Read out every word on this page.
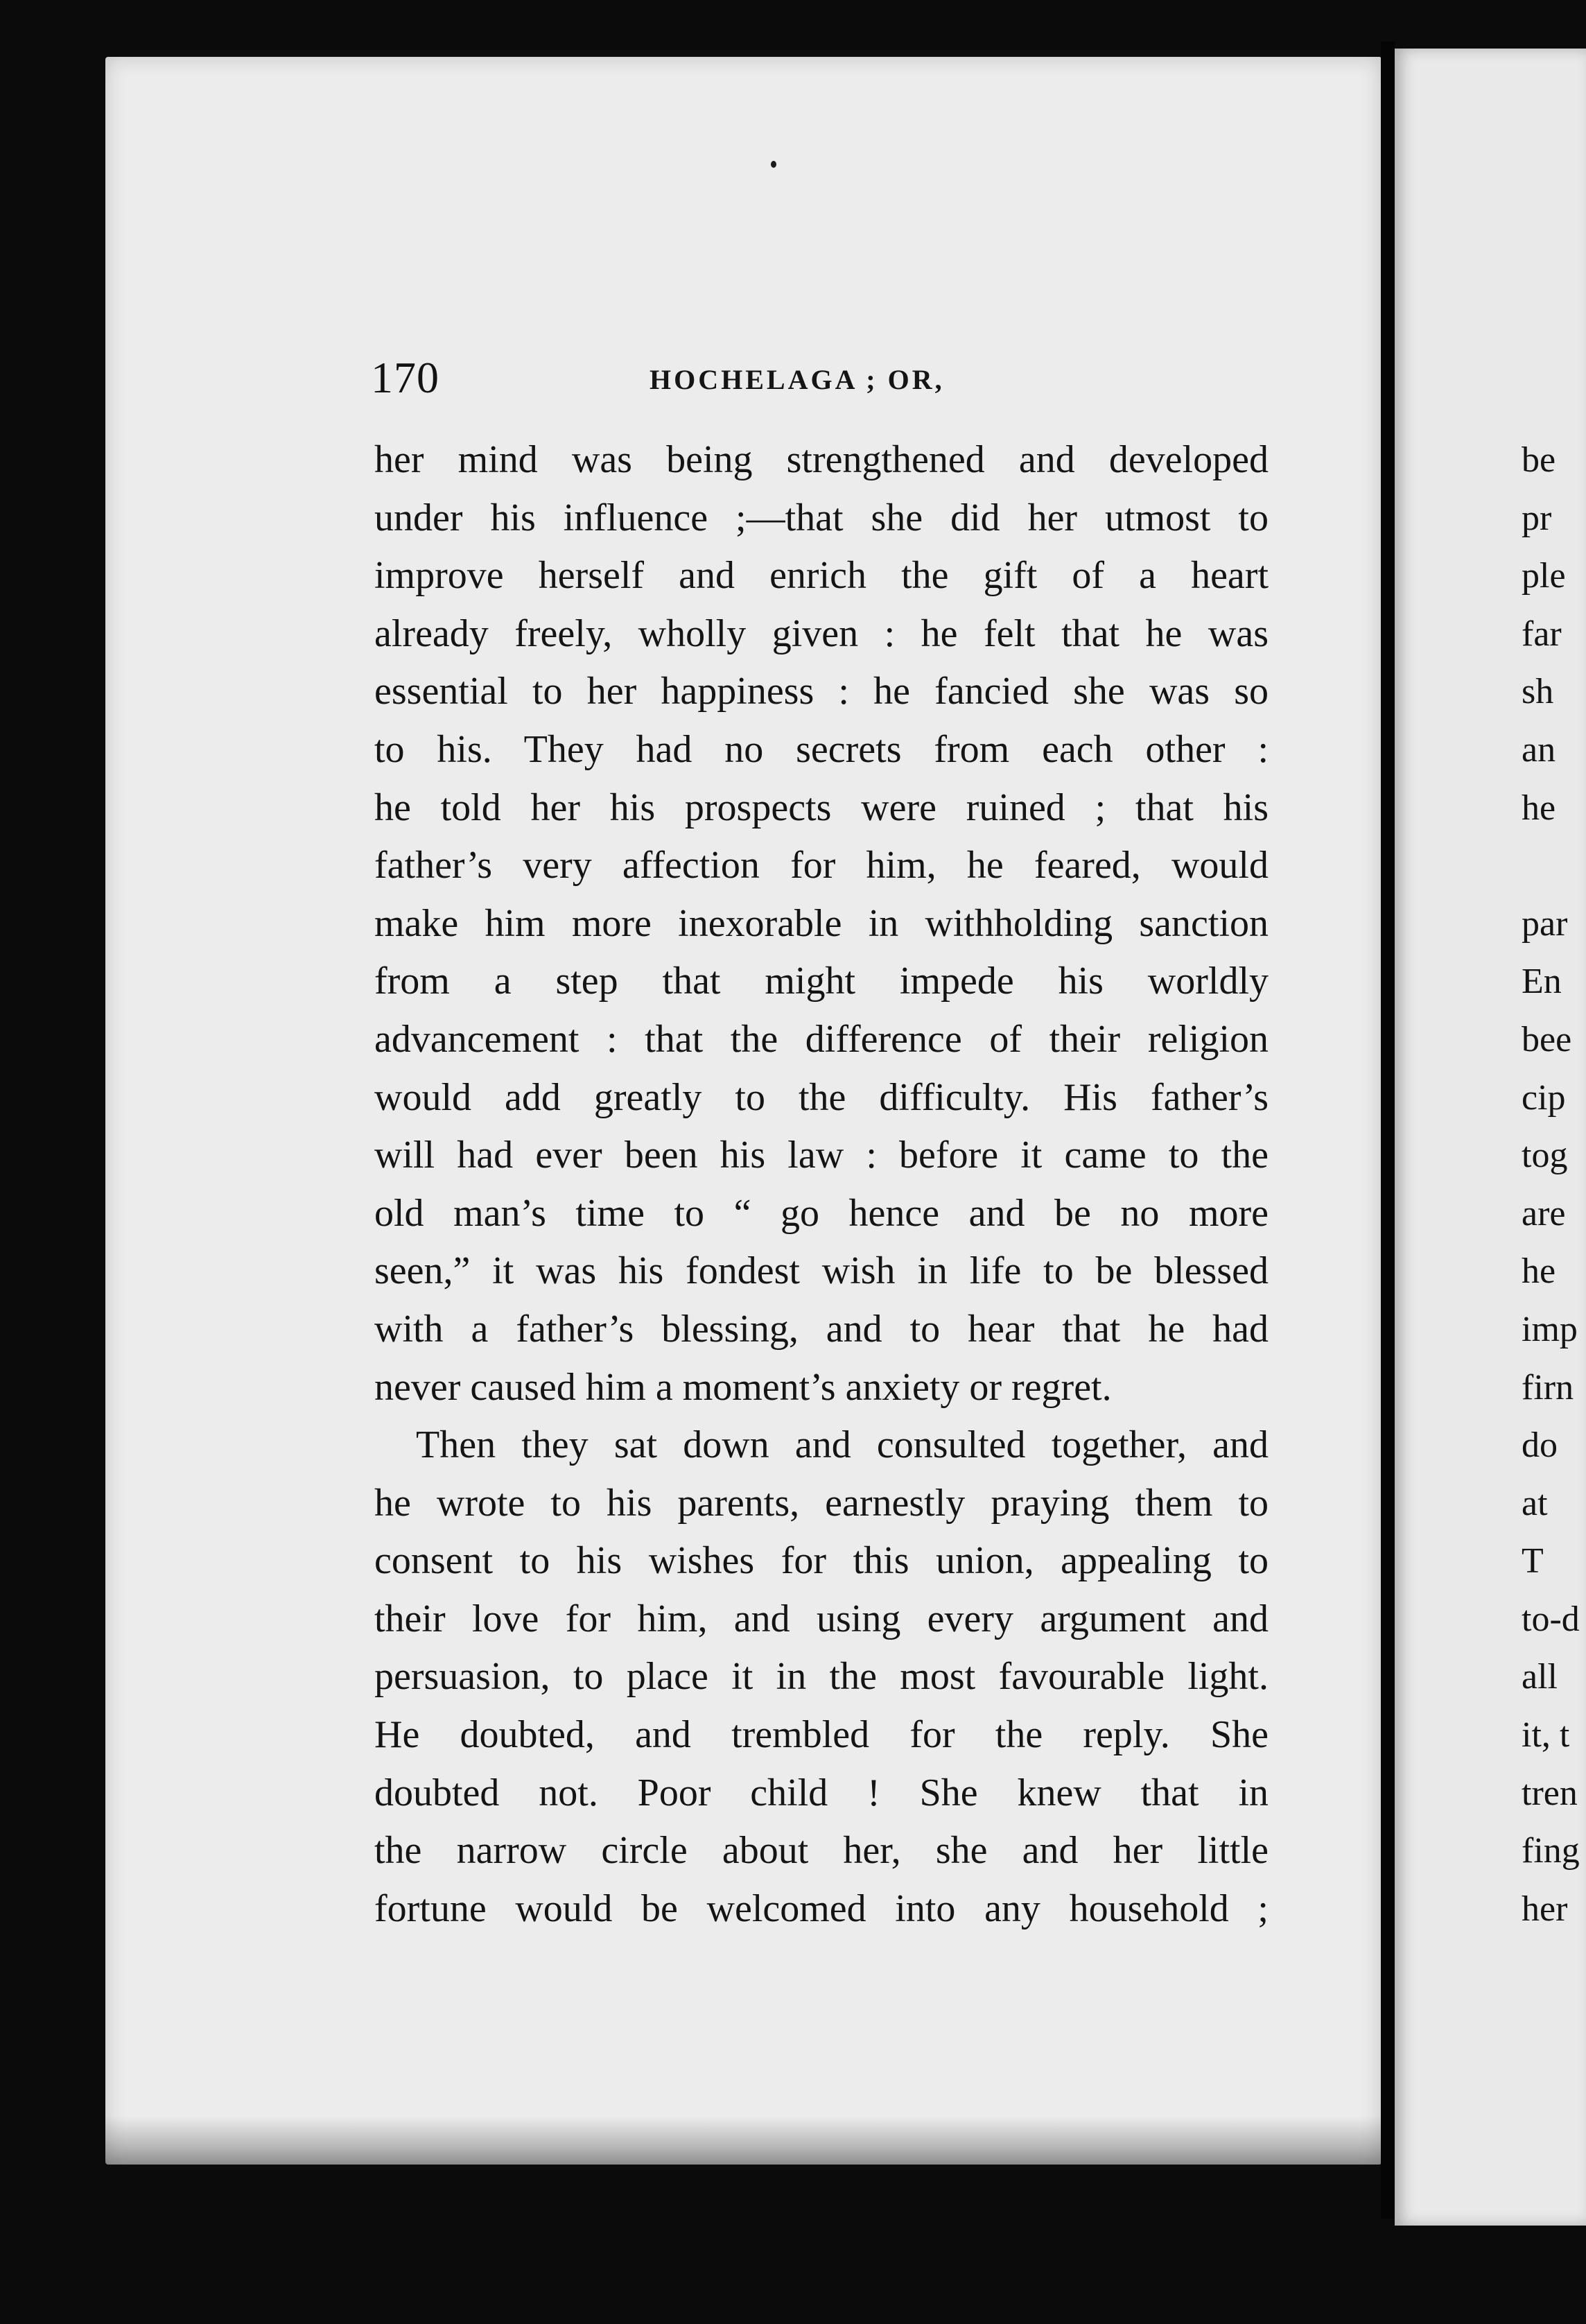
170	HOCHELAGA ; OR,
her mind was being strengthened and developed
under his influence ;—that she did her utmost to
improve herself and enrich the gift of a heart
already freely, wholly given : he felt that he was
essential to her happiness : he fancied she was so
to his. They had no secrets from each other :
he told her his prospects were ruined ; that his
father’s very affection for him, he feared, would
make him more inexorable in withholding sanction
from a step that might impede his worldly
advancement : that the difference of their religion
would add greatly to the difficulty. His father’s
will had ever been his law : before it came to the
old man’s time to “ go hence and be no more
seen,” it was his fondest wish in life to be blessed
with a father’s blessing, and to hear that he had
never caused him a moment’s anxiety or regret.
Then they sat down and consulted together, and
he wrote to his parents, earnestly praying them to
consent to his wishes for this union, appealing to
their love for him, and using every argument and
persuasion, to place it in the most favourable light.
He doubted, and trembled for the reply. She
doubted not. Poor child ! She knew that in
the narrow circle about her, she and her little
fortune would be welcomed into any household ;
be
pr
ple
far
sh
an
he
par
En
bee
cip
tog
are
he
imp
firn
do
at
T
to-d
all
it, t
tren
fing
her
